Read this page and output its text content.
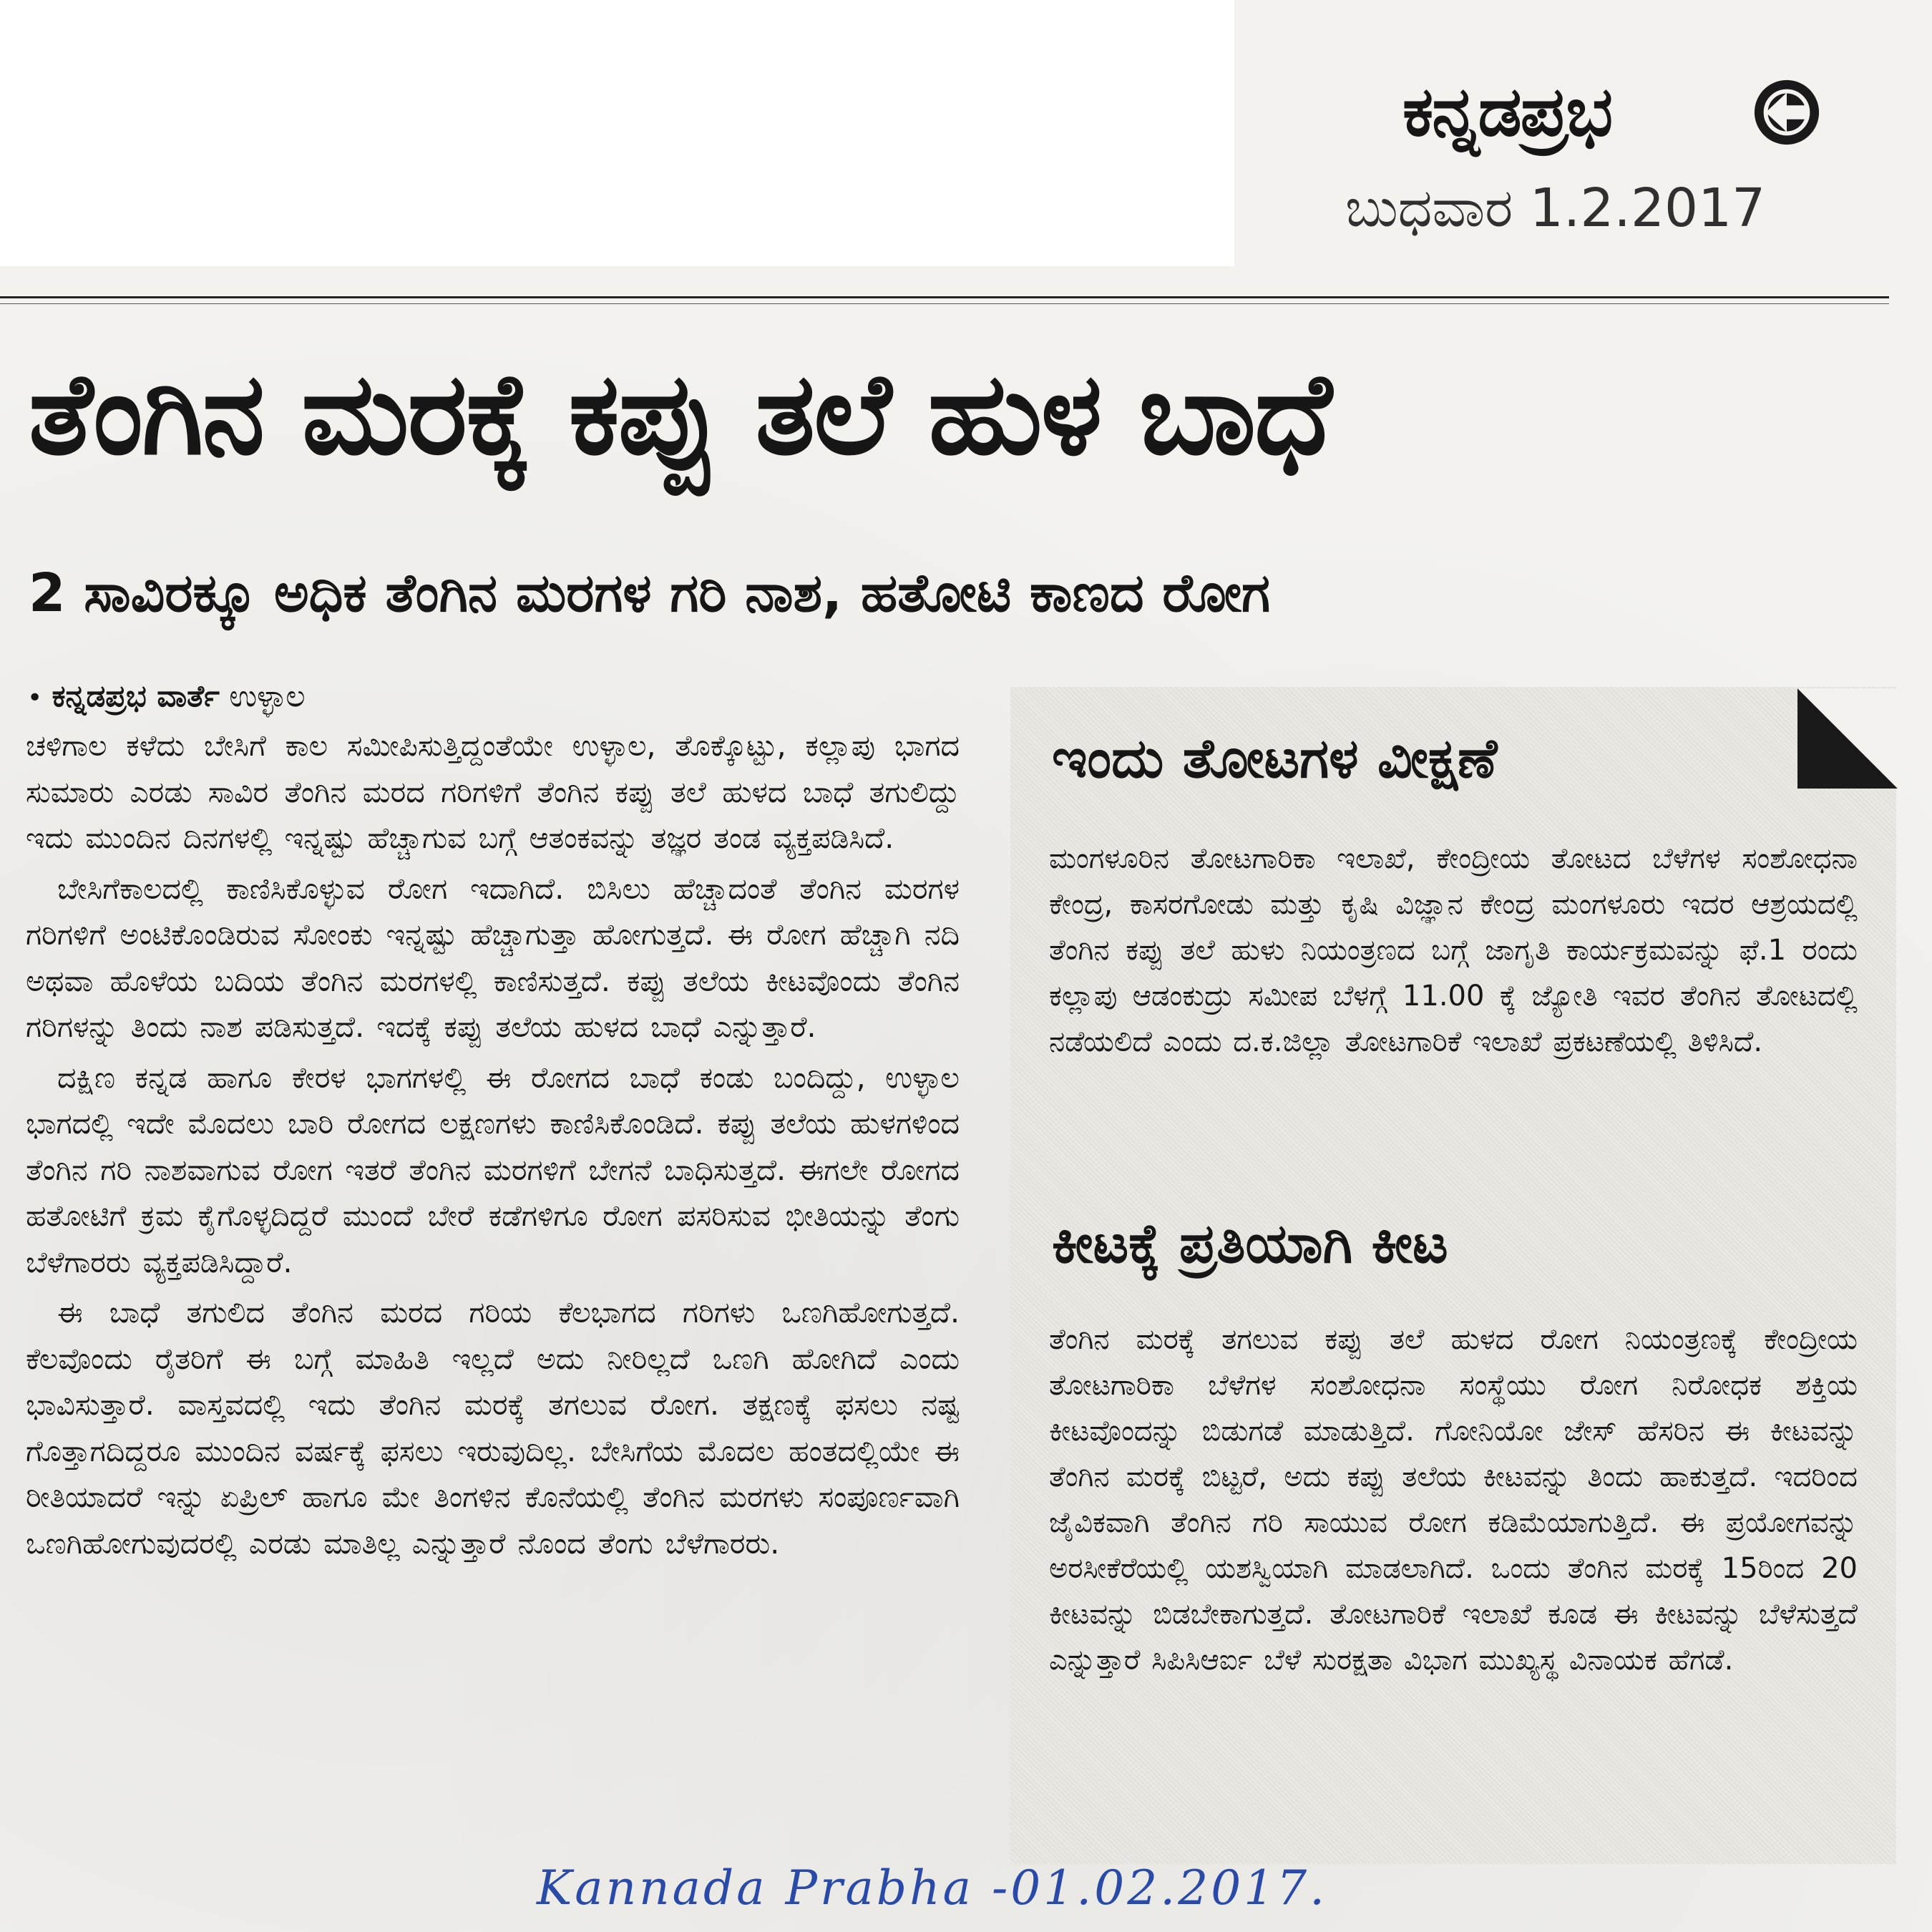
ಕನ್ನಡಪ್ರಭ
ಬುಧವಾರ 1.2.2017
ತೆಂಗಿನ ಮರಕ್ಕೆ ಕಪ್ಪು ತಲೆ ಹುಳ ಬಾಧೆ
2 ಸಾವಿರಕ್ಕೂ ಅಧಿಕ ತೆಂಗಿನ ಮರಗಳ ಗರಿ ನಾಶ, ಹತೋಟಿ ಕಾಣದ ರೋಗ
• ಕನ್ನಡಪ್ರಭ ವಾರ್ತೆ ಉಳ್ಳಾಲ

ಚಳಿಗಾಲ ಕಳೆದು ಬೇಸಿಗೆ ಕಾಲ ಸಮೀಪಿಸುತ್ತಿದ್ದಂತೆಯೇ ಉಳ್ಳಾಲ, ತೊಕ್ಕೊಟ್ಟು, ಕಲ್ಲಾಪು ಭಾಗದ ಸುಮಾರು ಎರಡು ಸಾವಿರ ತೆಂಗಿನ ಮರದ ಗರಿಗಳಿಗೆ ತೆಂಗಿನ ಕಪ್ಪು ತಲೆ ಹುಳದ ಬಾಧೆ ತಗುಲಿದ್ದು ಇದು ಮುಂದಿನ ದಿನಗಳಲ್ಲಿ ಇನ್ನಷ್ಟು ಹೆಚ್ಚಾಗುವ ಬಗ್ಗೆ ಆತಂಕವನ್ನು ತಜ್ಞರ ತಂಡ ವ್ಯಕ್ತಪಡಿಸಿದೆ.

ಬೇಸಿಗೆಕಾಲದಲ್ಲಿ ಕಾಣಿಸಿಕೊಳ್ಳುವ ರೋಗ ಇದಾಗಿದೆ. ಬಿಸಿಲು ಹೆಚ್ಚಾದಂತೆ ತೆಂಗಿನ ಮರಗಳ ಗರಿಗಳಿಗೆ ಅಂಟಿಕೊಂಡಿರುವ ಸೋಂಕು ಇನ್ನಷ್ಟು ಹೆಚ್ಚಾಗುತ್ತಾ ಹೋಗುತ್ತದೆ. ಈ ರೋಗ ಹೆಚ್ಚಾಗಿ ನದಿ ಅಥವಾ ಹೊಳೆಯ ಬದಿಯ ತೆಂಗಿನ ಮರಗಳಲ್ಲಿ ಕಾಣಿಸುತ್ತದೆ. ಕಪ್ಪು ತಲೆಯ ಕೀಟವೊಂದು ತೆಂಗಿನ ಗರಿಗಳನ್ನು ತಿಂದು ನಾಶ ಪಡಿಸುತ್ತದೆ. ಇದಕ್ಕೆ ಕಪ್ಪು ತಲೆಯ ಹುಳದ ಬಾಧೆ ಎನ್ನುತ್ತಾರೆ.

ದಕ್ಷಿಣ ಕನ್ನಡ ಹಾಗೂ ಕೇರಳ ಭಾಗಗಳಲ್ಲಿ ಈ ರೋಗದ ಬಾಧೆ ಕಂಡು ಬಂದಿದ್ದು, ಉಳ್ಳಾಲ ಭಾಗದಲ್ಲಿ ಇದೇ ಮೊದಲು ಬಾರಿ ರೋಗದ ಲಕ್ಷಣಗಳು ಕಾಣಿಸಿಕೊಂಡಿದೆ. ಕಪ್ಪು ತಲೆಯ ಹುಳಗಳಿಂದ ತೆಂಗಿನ ಗರಿ ನಾಶವಾಗುವ ರೋಗ ಇತರೆ ತೆಂಗಿನ ಮರಗಳಿಗೆ ಬೇಗನೆ ಬಾಧಿಸುತ್ತದೆ. ಈಗಲೇ ರೋಗದ ಹತೋಟಿಗೆ ಕ್ರಮ ಕೈಗೊಳ್ಳದಿದ್ದರೆ ಮುಂದೆ ಬೇರೆ ಕಡೆಗಳಿಗೂ ರೋಗ ಪಸರಿಸುವ ಭೀತಿಯನ್ನು ತೆಂಗು ಬೆಳೆಗಾರರು ವ್ಯಕ್ತಪಡಿಸಿದ್ದಾರೆ.

ಈ ಬಾಧೆ ತಗುಲಿದ ತೆಂಗಿನ ಮರದ ಗರಿಯ ಕೆಲಭಾಗದ ಗರಿಗಳು ಒಣಗಿಹೋಗುತ್ತದೆ. ಕೆಲವೊಂದು ರೈತರಿಗೆ ಈ ಬಗ್ಗೆ ಮಾಹಿತಿ ಇಲ್ಲದೆ ಅದು ನೀರಿಲ್ಲದೆ ಒಣಗಿ ಹೋಗಿದೆ ಎಂದು ಭಾವಿಸುತ್ತಾರೆ. ವಾಸ್ತವದಲ್ಲಿ ಇದು ತೆಂಗಿನ ಮರಕ್ಕೆ ತಗಲುವ ರೋಗ. ತಕ್ಷಣಕ್ಕೆ ಫಸಲು ನಷ್ಟ ಗೊತ್ತಾಗದಿದ್ದರೂ ಮುಂದಿನ ವರ್ಷಕ್ಕೆ ಫಸಲು ಇರುವುದಿಲ್ಲ. ಬೇಸಿಗೆಯ ಮೊದಲ ಹಂತದಲ್ಲಿಯೇ ಈ ರೀತಿಯಾದರೆ ಇನ್ನು ಏಪ್ರಿಲ್ ಹಾಗೂ ಮೇ ತಿಂಗಳಿನ ಕೊನೆಯಲ್ಲಿ ತೆಂಗಿನ ಮರಗಳು ಸಂಪೂರ್ಣವಾಗಿ ಒಣಗಿಹೋಗುವುದರಲ್ಲಿ ಎರಡು ಮಾತಿಲ್ಲ ಎನ್ನುತ್ತಾರೆ ನೊಂದ ತೆಂಗು ಬೆಳೆಗಾರರು.

ಇಂದು ತೋಟಗಳ ವೀಕ್ಷಣೆ
ಮಂಗಳೂರಿನ ತೋಟಗಾರಿಕಾ ಇಲಾಖೆ, ಕೇಂದ್ರೀಯ ತೋಟದ ಬೆಳೆಗಳ ಸಂಶೋಧನಾ ಕೇಂದ್ರ, ಕಾಸರಗೋಡು ಮತ್ತು ಕೃಷಿ ವಿಜ್ಞಾನ ಕೇಂದ್ರ ಮಂಗಳೂರು ಇದರ ಆಶ್ರಯದಲ್ಲಿ ತೆಂಗಿನ ಕಪ್ಪು ತಲೆ ಹುಳು ನಿಯಂತ್ರಣದ ಬಗ್ಗೆ ಜಾಗೃತಿ ಕಾರ್ಯಕ್ರಮವನ್ನು ಫೆ.1 ರಂದು ಕಲ್ಲಾಪು ಆಡಂಕುದ್ರು ಸಮೀಪ ಬೆಳಗ್ಗೆ 11.00 ಕ್ಕೆ ಜ್ಯೋತಿ ಇವರ ತೆಂಗಿನ ತೋಟದಲ್ಲಿ ನಡೆಯಲಿದೆ ಎಂದು ದ.ಕ.ಜಿಲ್ಲಾ ತೋಟಗಾರಿಕೆ ಇಲಾಖೆ ಪ್ರಕಟಣೆಯಲ್ಲಿ ತಿಳಿಸಿದೆ.
ಕೀಟಕ್ಕೆ ಪ್ರತಿಯಾಗಿ ಕೀಟ
ತೆಂಗಿನ ಮರಕ್ಕೆ ತಗಲುವ ಕಪ್ಪು ತಲೆ ಹುಳದ ರೋಗ ನಿಯಂತ್ರಣಕ್ಕೆ ಕೇಂದ್ರೀಯ ತೋಟಗಾರಿಕಾ ಬೆಳೆಗಳ ಸಂಶೋಧನಾ ಸಂಸ್ಥೆಯು ರೋಗ ನಿರೋಧಕ ಶಕ್ತಿಯ ಕೀಟವೊಂದನ್ನು ಬಿಡುಗಡೆ ಮಾಡುತ್ತಿದೆ. ಗೋನಿಯೋ ಜೇಸ್ ಹೆಸರಿನ ಈ ಕೀಟವನ್ನು ತೆಂಗಿನ ಮರಕ್ಕೆ ಬಿಟ್ಟರೆ, ಅದು ಕಪ್ಪು ತಲೆಯ ಕೀಟವನ್ನು ತಿಂದು ಹಾಕುತ್ತದೆ. ಇದರಿಂದ ಜೈವಿಕವಾಗಿ ತೆಂಗಿನ ಗರಿ ಸಾಯುವ ರೋಗ ಕಡಿಮೆಯಾಗುತ್ತಿದೆ. ಈ ಪ್ರಯೋಗವನ್ನು ಅರಸೀಕೆರೆಯಲ್ಲಿ ಯಶಸ್ವಿಯಾಗಿ ಮಾಡಲಾಗಿದೆ. ಒಂದು ತೆಂಗಿನ ಮರಕ್ಕೆ 15ರಿಂದ 20 ಕೀಟವನ್ನು ಬಿಡಬೇಕಾಗುತ್ತದೆ. ತೋಟಗಾರಿಕೆ ಇಲಾಖೆ ಕೂಡ ಈ ಕೀಟವನ್ನು ಬೆಳೆಸುತ್ತದೆ ಎನ್ನುತ್ತಾರೆ ಸಿಪಿಸಿಆರ್ಐ ಬೆಳೆ ಸುರಕ್ಷತಾ ವಿಭಾಗ ಮುಖ್ಯಸ್ಥ ವಿನಾಯಕ ಹೆಗಡೆ.
Kannada Prabha -01.02.2017.
